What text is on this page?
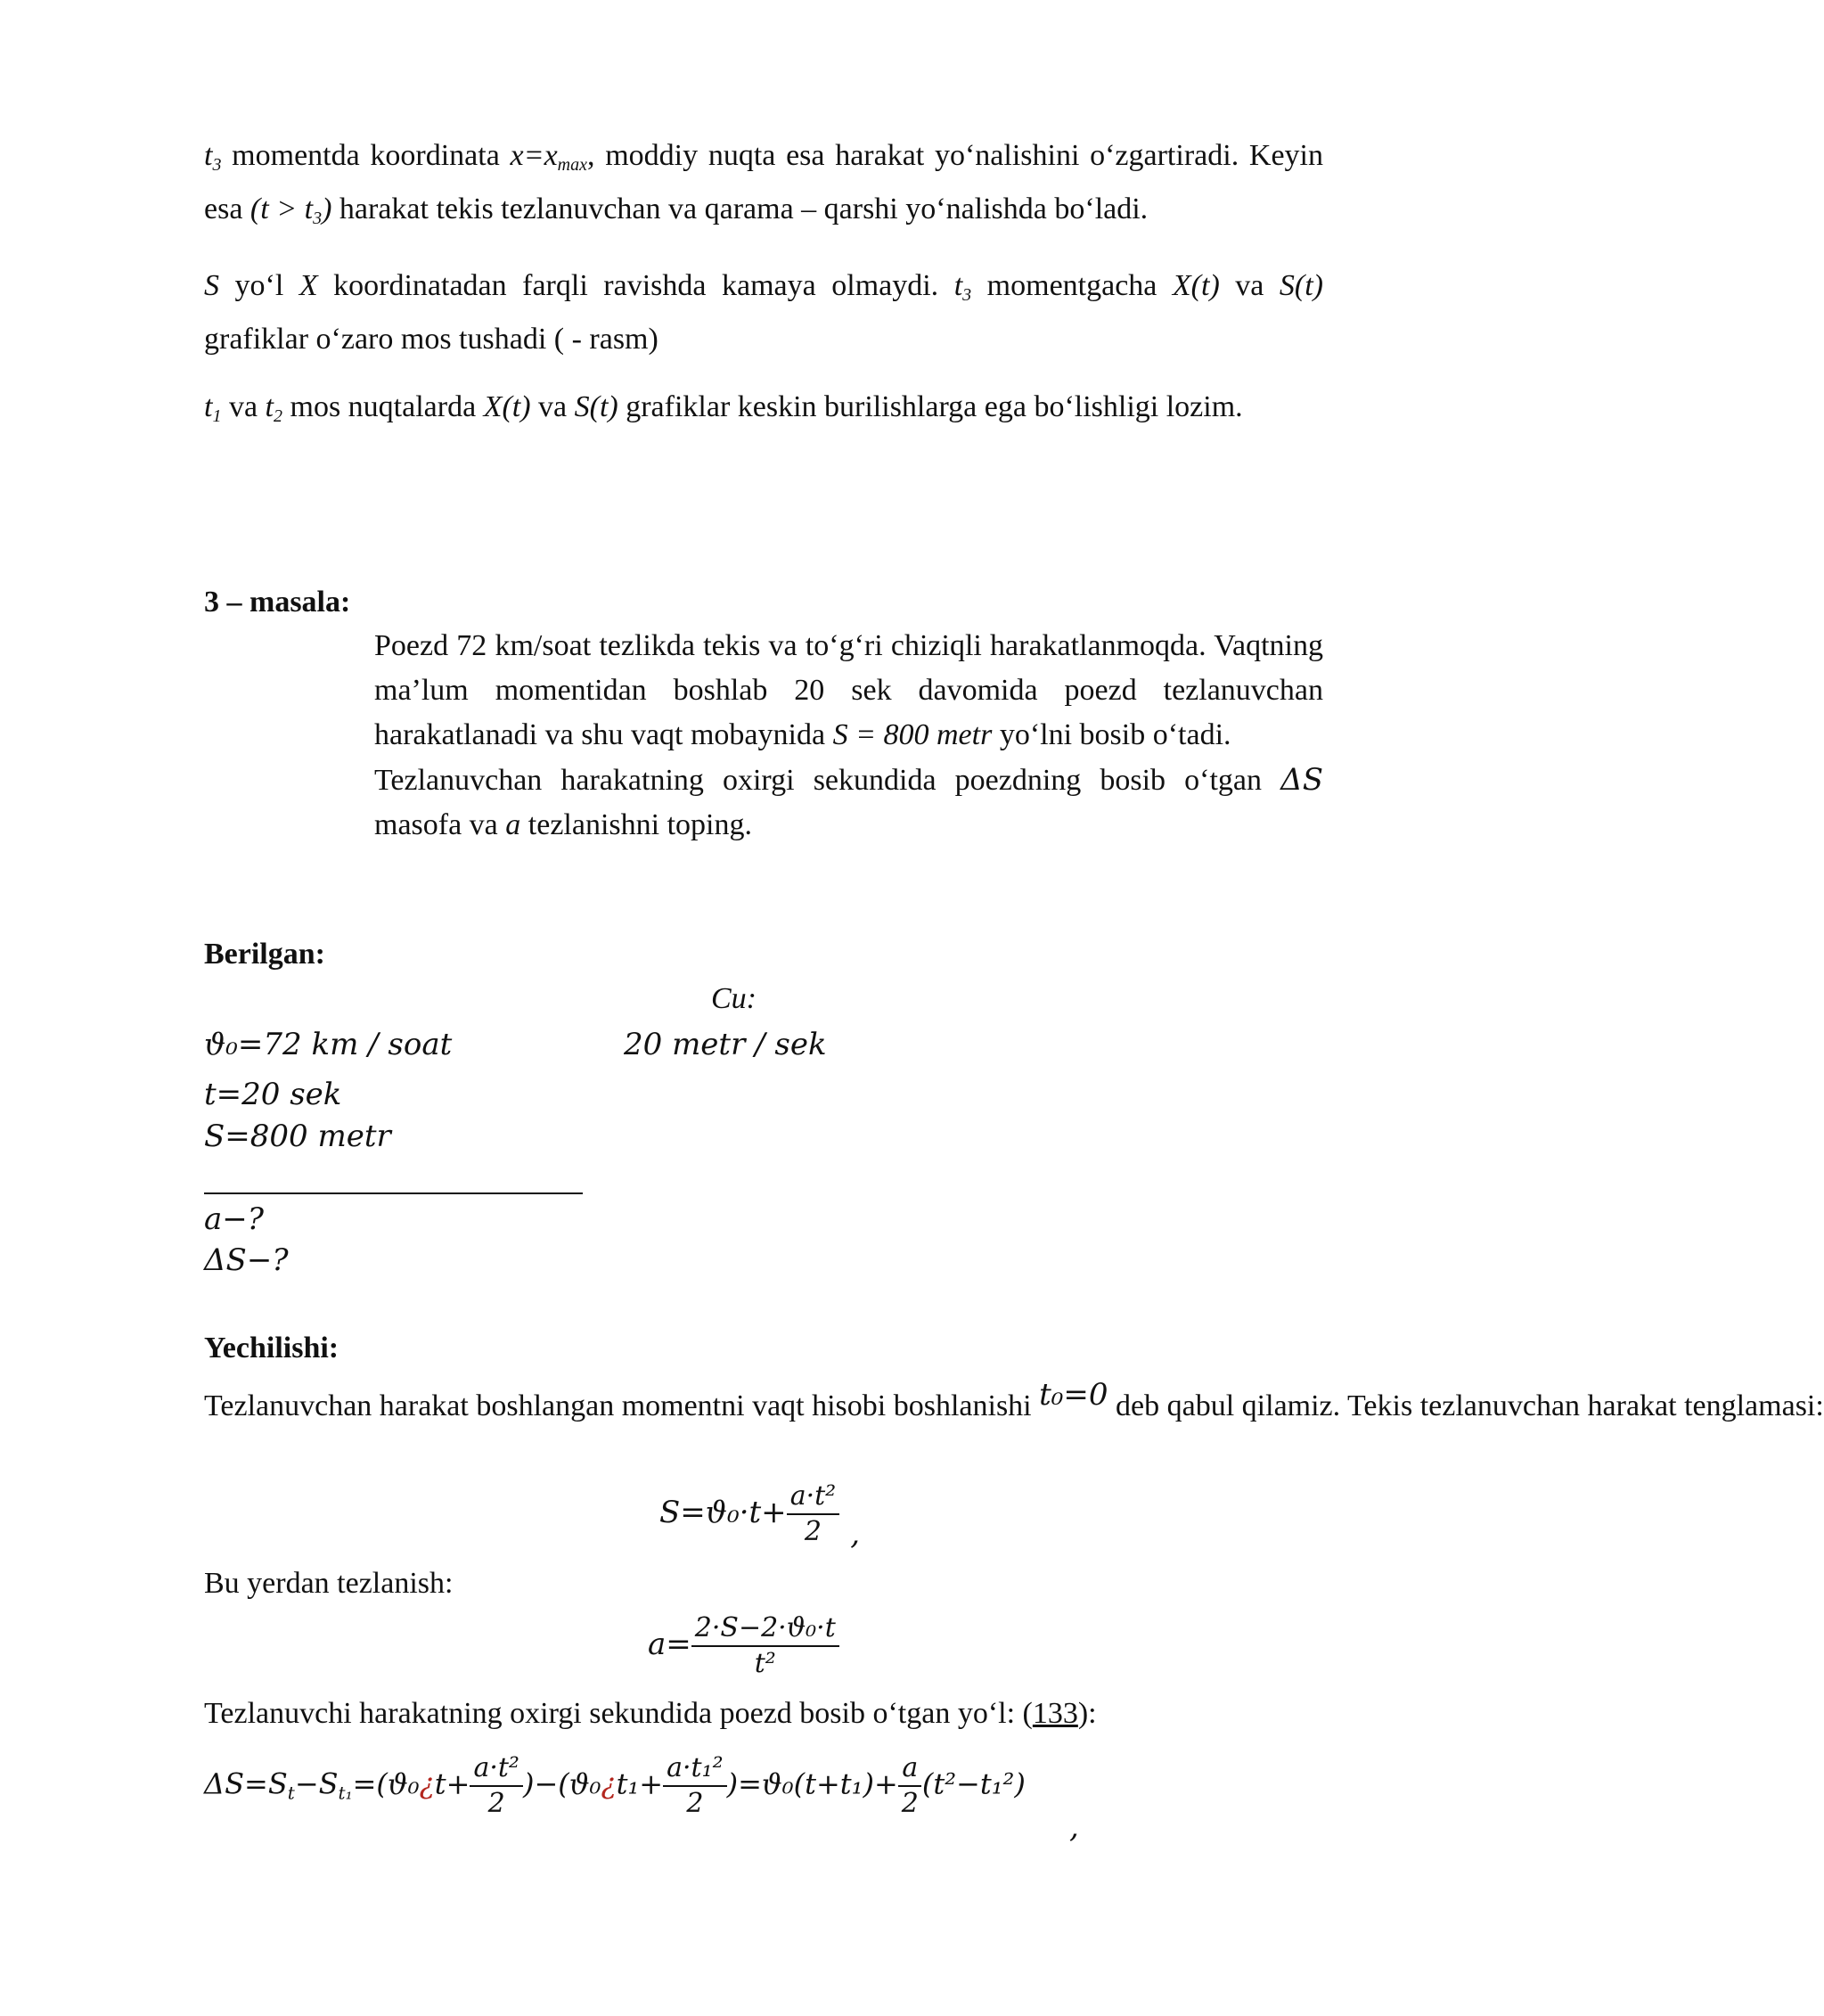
$t_3$ momentda koordinata $x=x_{max}$, moddiy nuqta esa harakat yo‘nalishini o‘zgartiradi. Keyin esa $(t > t_3)$ harakat tekis tezlanuvchan va qarama – qarshi yo‘nalishda bo‘ladi.

S yo‘l X koordinatadan farqli ravishda kamaya olmaydi. $t_3$ momentgacha X(t) va S(t) grafiklar o‘zaro mos tushadi ( - rasm)

$t_1$ va $t_2$ mos nuqtalarda X(t) va S(t) grafiklar keskin burilishlarga ega bo‘lishligi lozim.

3 – masala:

Poezd 72 km/soat tezlikda tekis va to‘g‘ri chiziqli harakatlanmoqda. Vaqtning ma’lum momentidan boshlab 20 sek davomida poezd tezlanuvchan harakatlanadi va shu vaqt mobaynida S = 800 metr yo‘lni bosib o‘tadi.

Tezlanuvchan harakatning oxirgi sekundida poezdning bosib o‘tgan ΔS masofa va a tezlanishni toping.

Berilgan:
Cu:
ϑ₀=72 km / soat	20 metr / sek
t=20 sek
S=800 metr
a−?
ΔS−?
Yechilishi:

Tezlanuvchan harakat boshlangan momentni vaqt hisobi boshlanishi t₀=0 deb qabul qilamiz. Tekis tezlanuvchan harakat tenglamasi:

$S=ϑ_0\cdot t+ \frac{\text{a·t²}}{2}$ ,
Bu yerdan tezlanish:
$a= \frac{\text{2·S−2·ϑ₀·t}}{\text{t²}}$
Tezlanuvchi harakatning oxirgi sekundida poezd bosib o‘tgan yo‘l: (133):
$\Delta S=S_t-S_{t_1}=(ϑ_0¿t+ \frac{\text{a·t²}}{2}$ )−(ϑ₀¿t₁+ $\frac{\text{a·t₁²}}{2} )=ϑ_0(t+t_1)+ \frac{a}{2} (t^2-t_1^2)$
,
